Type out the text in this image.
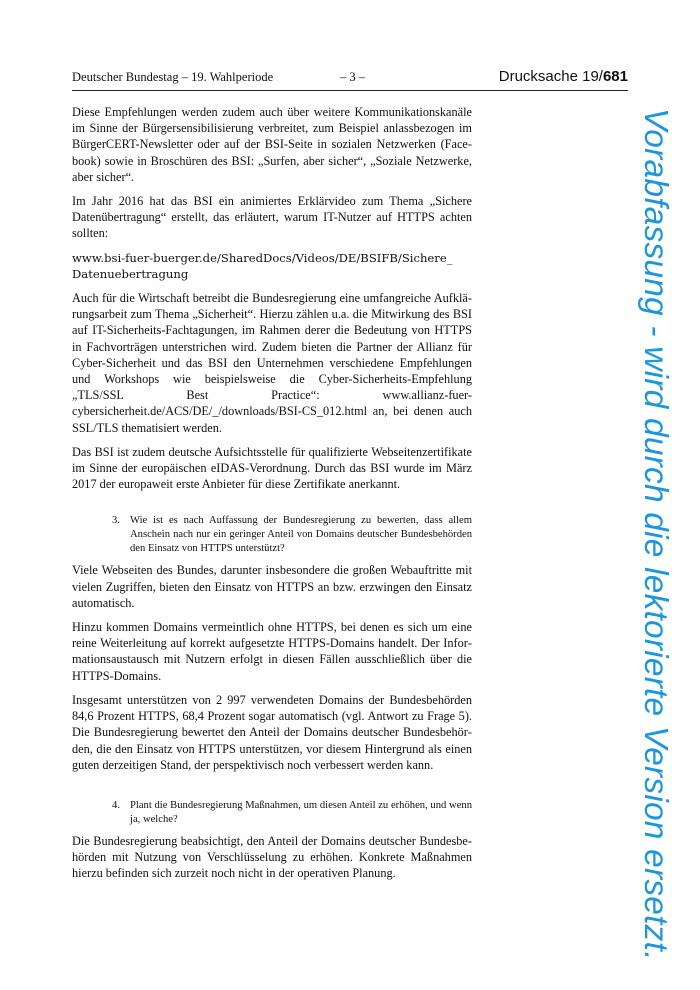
Deutscher Bundestag – 19. Wahlperiode	– 3 –	Drucksache 19/681

Diese Empfehlungen werden zudem auch über weitere Kommunikationskanäle im Sinne der Bürgersensibilisierung verbreitet, zum Beispiel anlassbezogen im BürgerCERT-Newsletter oder auf der BSI-Seite in sozialen Netzwerken (Facebook) sowie in Broschüren des BSI: „Surfen, aber sicher“, „Soziale Netzwerke, aber sicher“.

Im Jahr 2016 hat das BSI ein animiertes Erklärvideo zum Thema „Sichere Datenübertragung“ erstellt, das erläutert, warum IT-Nutzer auf HTTPS achten sollten:

www.bsi-fuer-buerger.de/SharedDocs/Videos/DE/BSIFB/Sichere_
Datenuebertragung

Auch für die Wirtschaft betreibt die Bundesregierung eine umfangreiche Aufklärungsarbeit zum Thema „Sicherheit“. Hierzu zählen u.a. die Mitwirkung des BSI auf IT-Sicherheits-Fachtagungen, im Rahmen derer die Bedeutung von HTTPS in Fachvorträgen unterstrichen wird. Zudem bieten die Partner der Allianz für Cyber-Sicherheit und das BSI den Unternehmen verschiedene Empfehlungen und Workshops wie beispielsweise die Cyber-Sicherheits-Empfehlung „TLS/SSL Best Practice“: www.allianz-fuer-cybersicherheit.de/ACS/DE/_/downloads/BSI-CS_012.html an, bei denen auch SSL/TLS thematisiert werden.

Das BSI ist zudem deutsche Aufsichtsstelle für qualifizierte Webseitenzertifikate im Sinne der europäischen eIDAS-Verordnung. Durch das BSI wurde im März 2017 der europaweit erste Anbieter für diese Zertifikate anerkannt.

3. Wie ist es nach Auffassung der Bundesregierung zu bewerten, dass allem Anschein nach nur ein geringer Anteil von Domains deutscher Bundesbehörden den Einsatz von HTTPS unterstützt?

Viele Webseiten des Bundes, darunter insbesondere die großen Webauftritte mit vielen Zugriffen, bieten den Einsatz von HTTPS an bzw. erzwingen den Einsatz automatisch.

Hinzu kommen Domains vermeintlich ohne HTTPS, bei denen es sich um eine reine Weiterleitung auf korrekt aufgesetzte HTTPS-Domains handelt. Der Informationsaustausch mit Nutzern erfolgt in diesen Fällen ausschließlich über die HTTPS-Domains.

Insgesamt unterstützen von 2 997 verwendeten Domains der Bundesbehörden 84,6 Prozent HTTPS, 68,4 Prozent sogar automatisch (vgl. Antwort zu Frage 5). Die Bundesregierung bewertet den Anteil der Domains deutscher Bundesbehörden, die den Einsatz von HTTPS unterstützen, vor diesem Hintergrund als einen guten derzeitigen Stand, der perspektivisch noch verbessert werden kann.

4. Plant die Bundesregierung Maßnahmen, um diesen Anteil zu erhöhen, und wenn ja, welche?

Die Bundesregierung beabsichtigt, den Anteil der Domains deutscher Bundesbehörden mit Nutzung von Verschlüsselung zu erhöhen. Konkrete Maßnahmen hierzu befinden sich zurzeit noch nicht in der operativen Planung.	Vorabfassung - wird durch die lektorierte Version ersetzt.
